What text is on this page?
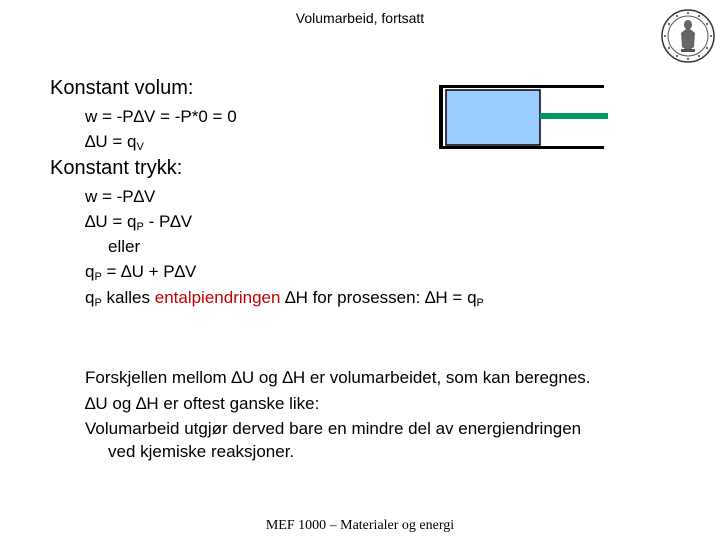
Volumarbeid, fortsatt
Konstant volum:
w = -P∆V = -P*0 = 0
∆U = qV
Konstant trykk:
w = -P∆V
∆U = qP - P∆V
eller
qP = ∆U + P∆V
qP kalles entalpiendringen ∆H for prosessen: ∆H = qP
Forskjellen mellom ∆U og ∆H er volumarbeidet, som kan beregnes.
∆U og ∆H er oftest ganske like:
Volumarbeid utgjør derved bare en mindre del av energiendringen
ved kjemiske reaksjoner.
MEF 1000 – Materialer og energi
